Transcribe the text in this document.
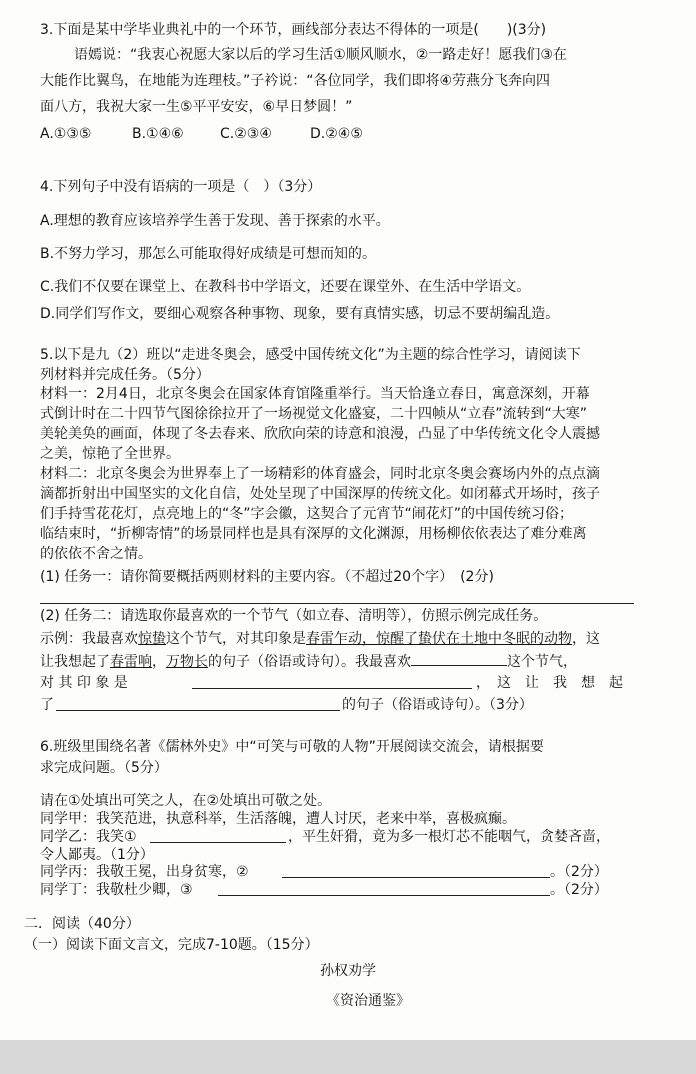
3.下面是某中学毕业典礼中的一个环节，画线部分表达不得体的一项是(　　)(3分)
语嫣说：“我衷心祝愿大家以后的学习生活①顺风顺水，②一路走好！愿我们③在
大能作比翼鸟，在地能为连理枝。”子衿说：“各位同学，我们即将④劳燕分飞奔向四
面八方，我祝大家一生⑤平平安安，⑥早日梦圆！”
A.①③⑤	B.①④⑥	C.②③④	D.②④⑤
4.下列句子中没有语病的一项是（　）（3分）
A.理想的教育应该培养学生善于发现、善于探索的水平。
B.不努力学习，那怎么可能取得好成绩是可想而知的。
C.我们不仅要在课堂上、在教科书中学语文，还要在课堂外、在生活中学语文。
D.同学们写作文，要细心观察各种事物、现象，要有真情实感，切忌不要胡编乱造。
5.以下是九（2）班以“走进冬奥会，感受中国传统文化”为主题的综合性学习，请阅读下
列材料并完成任务。（5分）
材料一：2月4日，北京冬奥会在国家体育馆隆重举行。当天恰逢立春日，寓意深刻，开幕
式倒计时在二十四节气图徐徐拉开了一场视觉文化盛宴，二十四帧从“立春”流转到“大寒”
美轮美奂的画面，体现了冬去春来、欣欣向荣的诗意和浪漫，凸显了中华传统文化令人震撼
之美，惊艳了全世界。
材料二：北京冬奥会为世界奉上了一场精彩的体育盛会，同时北京冬奥会赛场内外的点点滴
滴都折射出中国坚实的文化自信，处处呈现了中国深厚的传统文化。如闭幕式开场时，孩子
们手持雪花花灯，点亮地上的“冬”字会徽，这契合了元宵节“闹花灯”的中国传统习俗；
临结束时，“折柳寄情”的场景同样也是具有深厚的文化渊源，用杨柳依依表达了难分难离
的依依不舍之情。
(1) 任务一：请你简要概括两则材料的主要内容。（不超过20个字）　(2分)
(2) 任务二：请选取你最喜欢的一个节气（如立春、清明等），仿照示例完成任务。
示例：我最喜欢惊蛰这个节气，对其印象是春雷乍动，惊醒了蛰伏在土地中冬眠的动物，这
让我想起了春雷响，万物长的句子（俗语或诗句）。我最喜欢	这个节气，
对 其 印 象 是	，　这　让　我　想　起
了	的句子（俗语或诗句）。（3分）
6.班级里围绕名著《儒林外史》中“可笑与可敬的人物”开展阅读交流会，请根据要
求完成问题。（5分）
请在①处填出可笑之人，在②处填出可敬之处。
同学甲：我笑范进，执意科举，生活落魄，遭人讨厌，老来中举，喜极疯癫。
同学乙：我笑①	，平生奸猾，竟为多一根灯芯不能咽气，贪婪吝啬，
令人鄙夷。（1分）
同学丙：我敬王冕，出身贫寒，②	。（2分）
同学丁：我敬杜少卿，③	。（2分）
二．阅读（40分）
（一）阅读下面文言文，完成7-10题。（15分）
孙权劝学
《资治通鉴》
